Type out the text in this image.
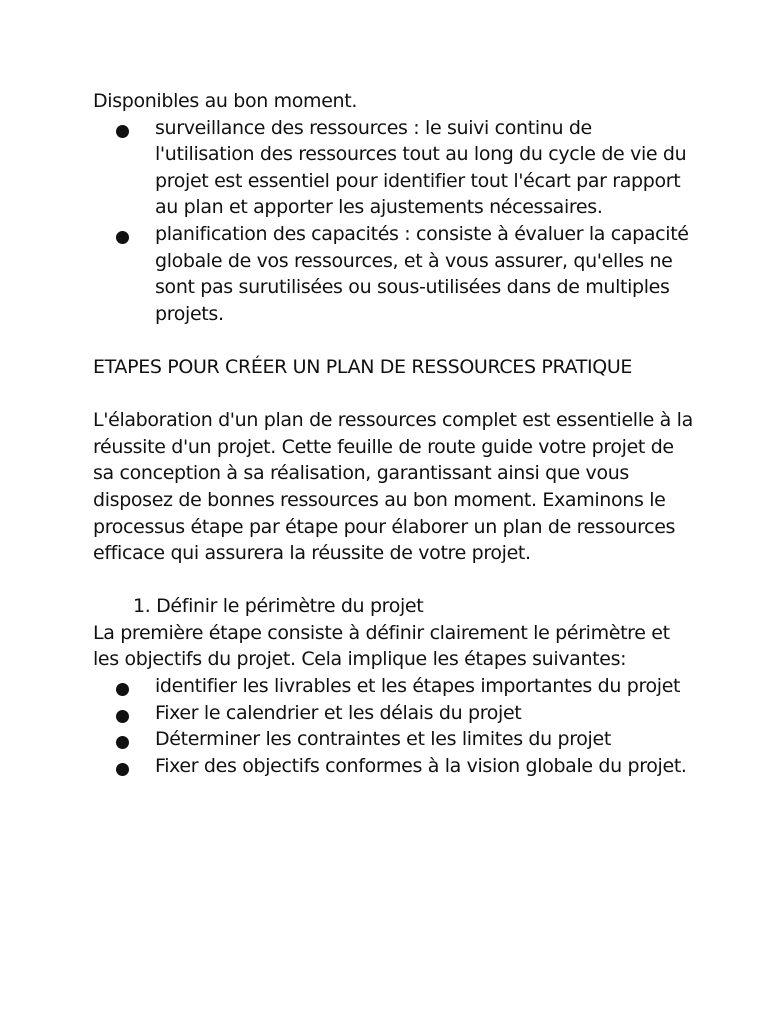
Disponibles au bon moment.

surveillance des ressources : le suivi continu de l'utilisation des ressources tout au long du cycle de vie du projet est essentiel pour identifier tout l'écart par rapport au plan et apporter les ajustements nécessaires.
planification des capacités : consiste à évaluer la capacité globale de vos ressources, et à vous assurer, qu'elles ne sont pas surutilisées ou sous-utilisées dans de multiples projets.

ETAPES POUR CRÉER UN PLAN DE RESSOURCES PRATIQUE

L'élaboration d'un plan de ressources complet est essentielle à la réussite d'un projet. Cette feuille de route guide votre projet de sa conception à sa réalisation, garantissant ainsi que vous disposez de bonnes ressources au bon moment. Examinons le processus étape par étape pour élaborer un plan de ressources efficace qui assurera la réussite de votre projet.

1. Définir le périmètre du projet

La première étape consiste à définir clairement le périmètre et les objectifs du projet. Cela implique les étapes suivantes:

identifier les livrables et les étapes importantes du projet
Fixer le calendrier et les délais du projet
Déterminer les contraintes et les limites du projet
Fixer des objectifs conformes à la vision globale du projet.
